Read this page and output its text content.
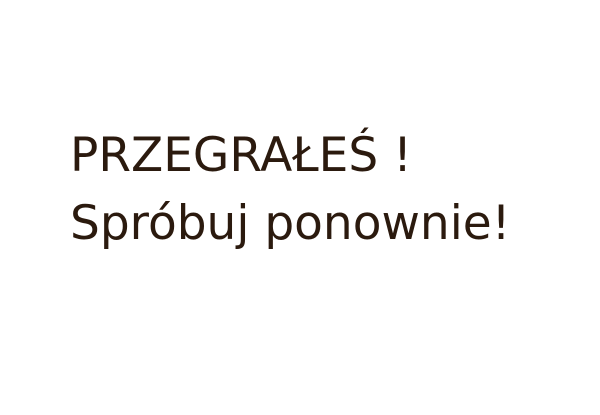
PRZEGRAŁEŚ !
Spróbuj ponownie!
